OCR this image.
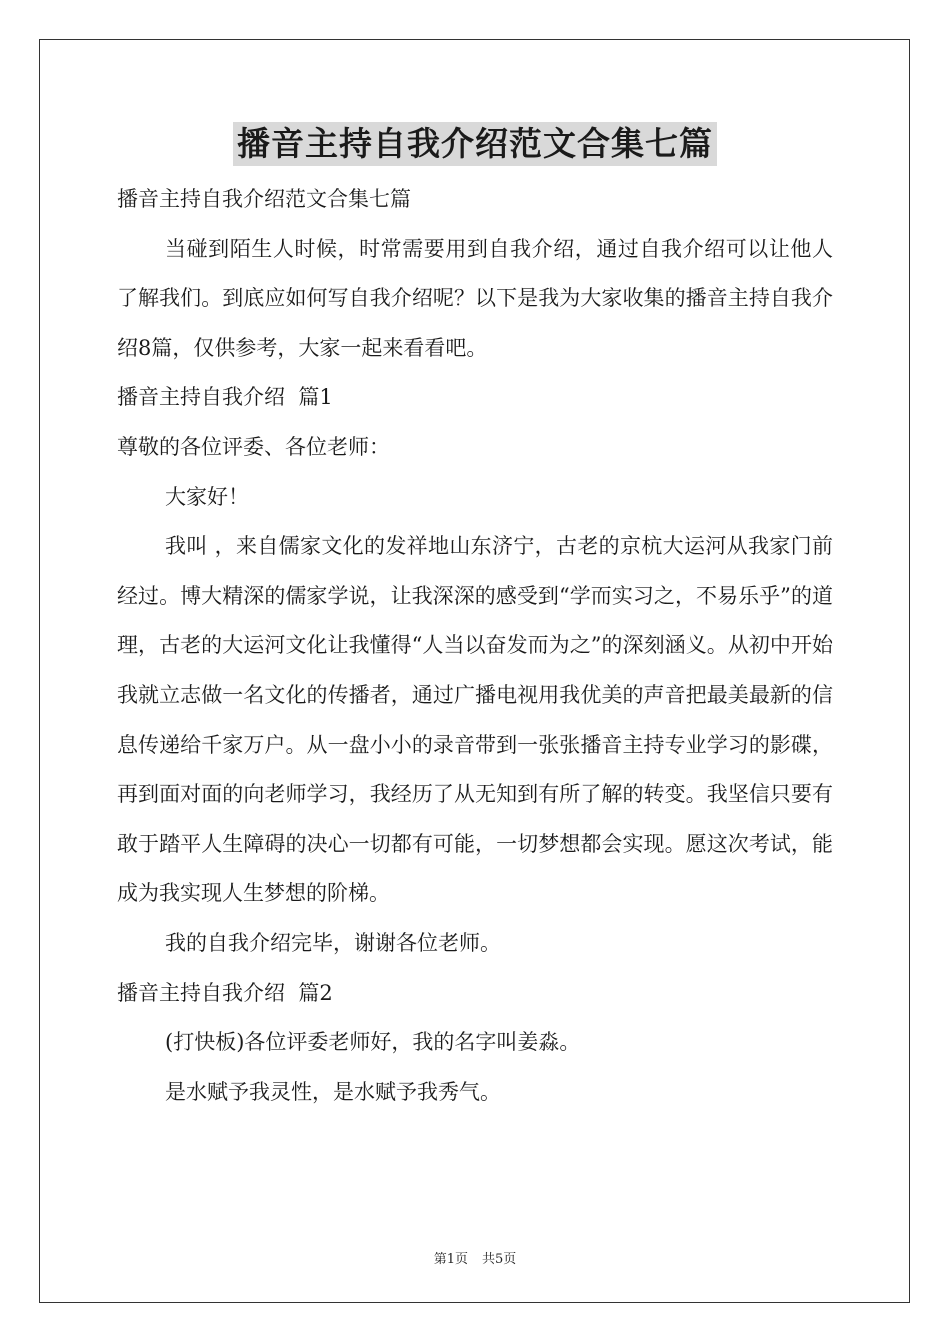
播音主持自我介绍范文合集七篇

播音主持自我介绍范文合集七篇

当碰到陌生人时候，时常需要用到自我介绍，通过自我介绍可以让他人了解我们。到底应如何写自我介绍呢？以下是我为大家收集的播音主持自我介绍8篇，仅供参考，大家一起来看看吧。

播音主持自我介绍  篇1

尊敬的各位评委、各位老师：

大家好！

我叫 ，来自儒家文化的发祥地山东济宁，古老的京杭大运河从我家门前经过。博大精深的儒家学说，让我深深的感受到“学而实习之，不易乐乎”的道理，古老的大运河文化让我懂得“人当以奋发而为之”的深刻涵义。从初中开始我就立志做一名文化的传播者，通过广播电视用我优美的声音把最美最新的信息传递给千家万户。从一盘小小的录音带到一张张播音主持专业学习的影碟，再到面对面的向老师学习，我经历了从无知到有所了解的转变。我坚信只要有敢于踏平人生障碍的决心一切都有可能，一切梦想都会实现。愿这次考试，能成为我实现人生梦想的阶梯。

我的自我介绍完毕，谢谢各位老师。

播音主持自我介绍  篇2

(打快板)各位评委老师好，我的名字叫姜淼。

是水赋予我灵性，是水赋予我秀气。

第1页 共5页
